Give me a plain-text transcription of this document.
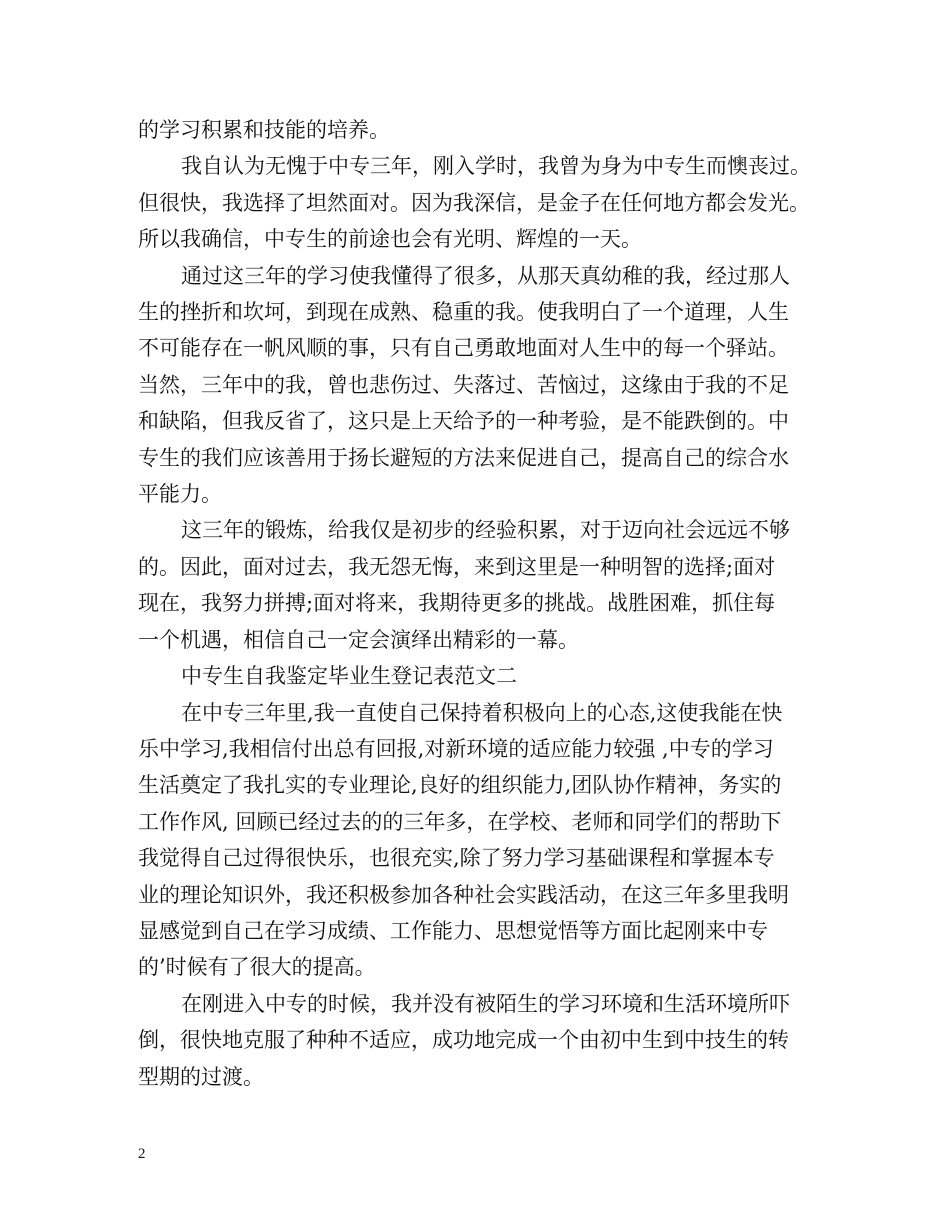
的学习积累和技能的培养。

我自认为无愧于中专三年，刚入学时，我曾为身为中专生而懊丧过。

但很快，我选择了坦然面对。因为我深信，是金子在任何地方都会发光。

所以我确信，中专生的前途也会有光明、辉煌的一天。

通过这三年的学习使我懂得了很多，从那天真幼稚的我，经过那人

生的挫折和坎坷，到现在成熟、稳重的我。使我明白了一个道理，人生

不可能存在一帆风顺的事，只有自己勇敢地面对人生中的每一个驿站。

当然，三年中的我，曾也悲伤过、失落过、苦恼过，这缘由于我的不足

和缺陷，但我反省了，这只是上天给予的一种考验，是不能跌倒的。中

专生的我们应该善用于扬长避短的方法来促进自己，提高自己的综合水

平能力。

这三年的锻炼，给我仅是初步的经验积累，对于迈向社会远远不够

的。因此，面对过去，我无怨无悔，来到这里是一种明智的选择;面对

现在，我努力拼搏;面对将来，我期待更多的挑战。战胜困难，抓住每

一个机遇，相信自己一定会演绎出精彩的一幕。

中专生自我鉴定毕业生登记表范文二

在中专三年里,我一直使自己保持着积极向上的心态,这使我能在快

乐中学习,我相信付出总有回报,对新环境的适应能力较强 ,中专的学习

生活奠定了我扎实的专业理论,良好的组织能力,团队协作精神，务实的

工作作风, 回顾已经过去的的三年多，在学校、老师和同学们的帮助下

我觉得自己过得很快乐，也很充实,除了努力学习基础课程和掌握本专

业的理论知识外，我还积极参加各种社会实践活动，在这三年多里我明

显感觉到自己在学习成绩、工作能力、思想觉悟等方面比起刚来中专

的’时候有了很大的提高。

在刚进入中专的时候，我并没有被陌生的学习环境和生活环境所吓

倒，很快地克服了种种不适应，成功地完成一个由初中生到中技生的转

型期的过渡。

2
